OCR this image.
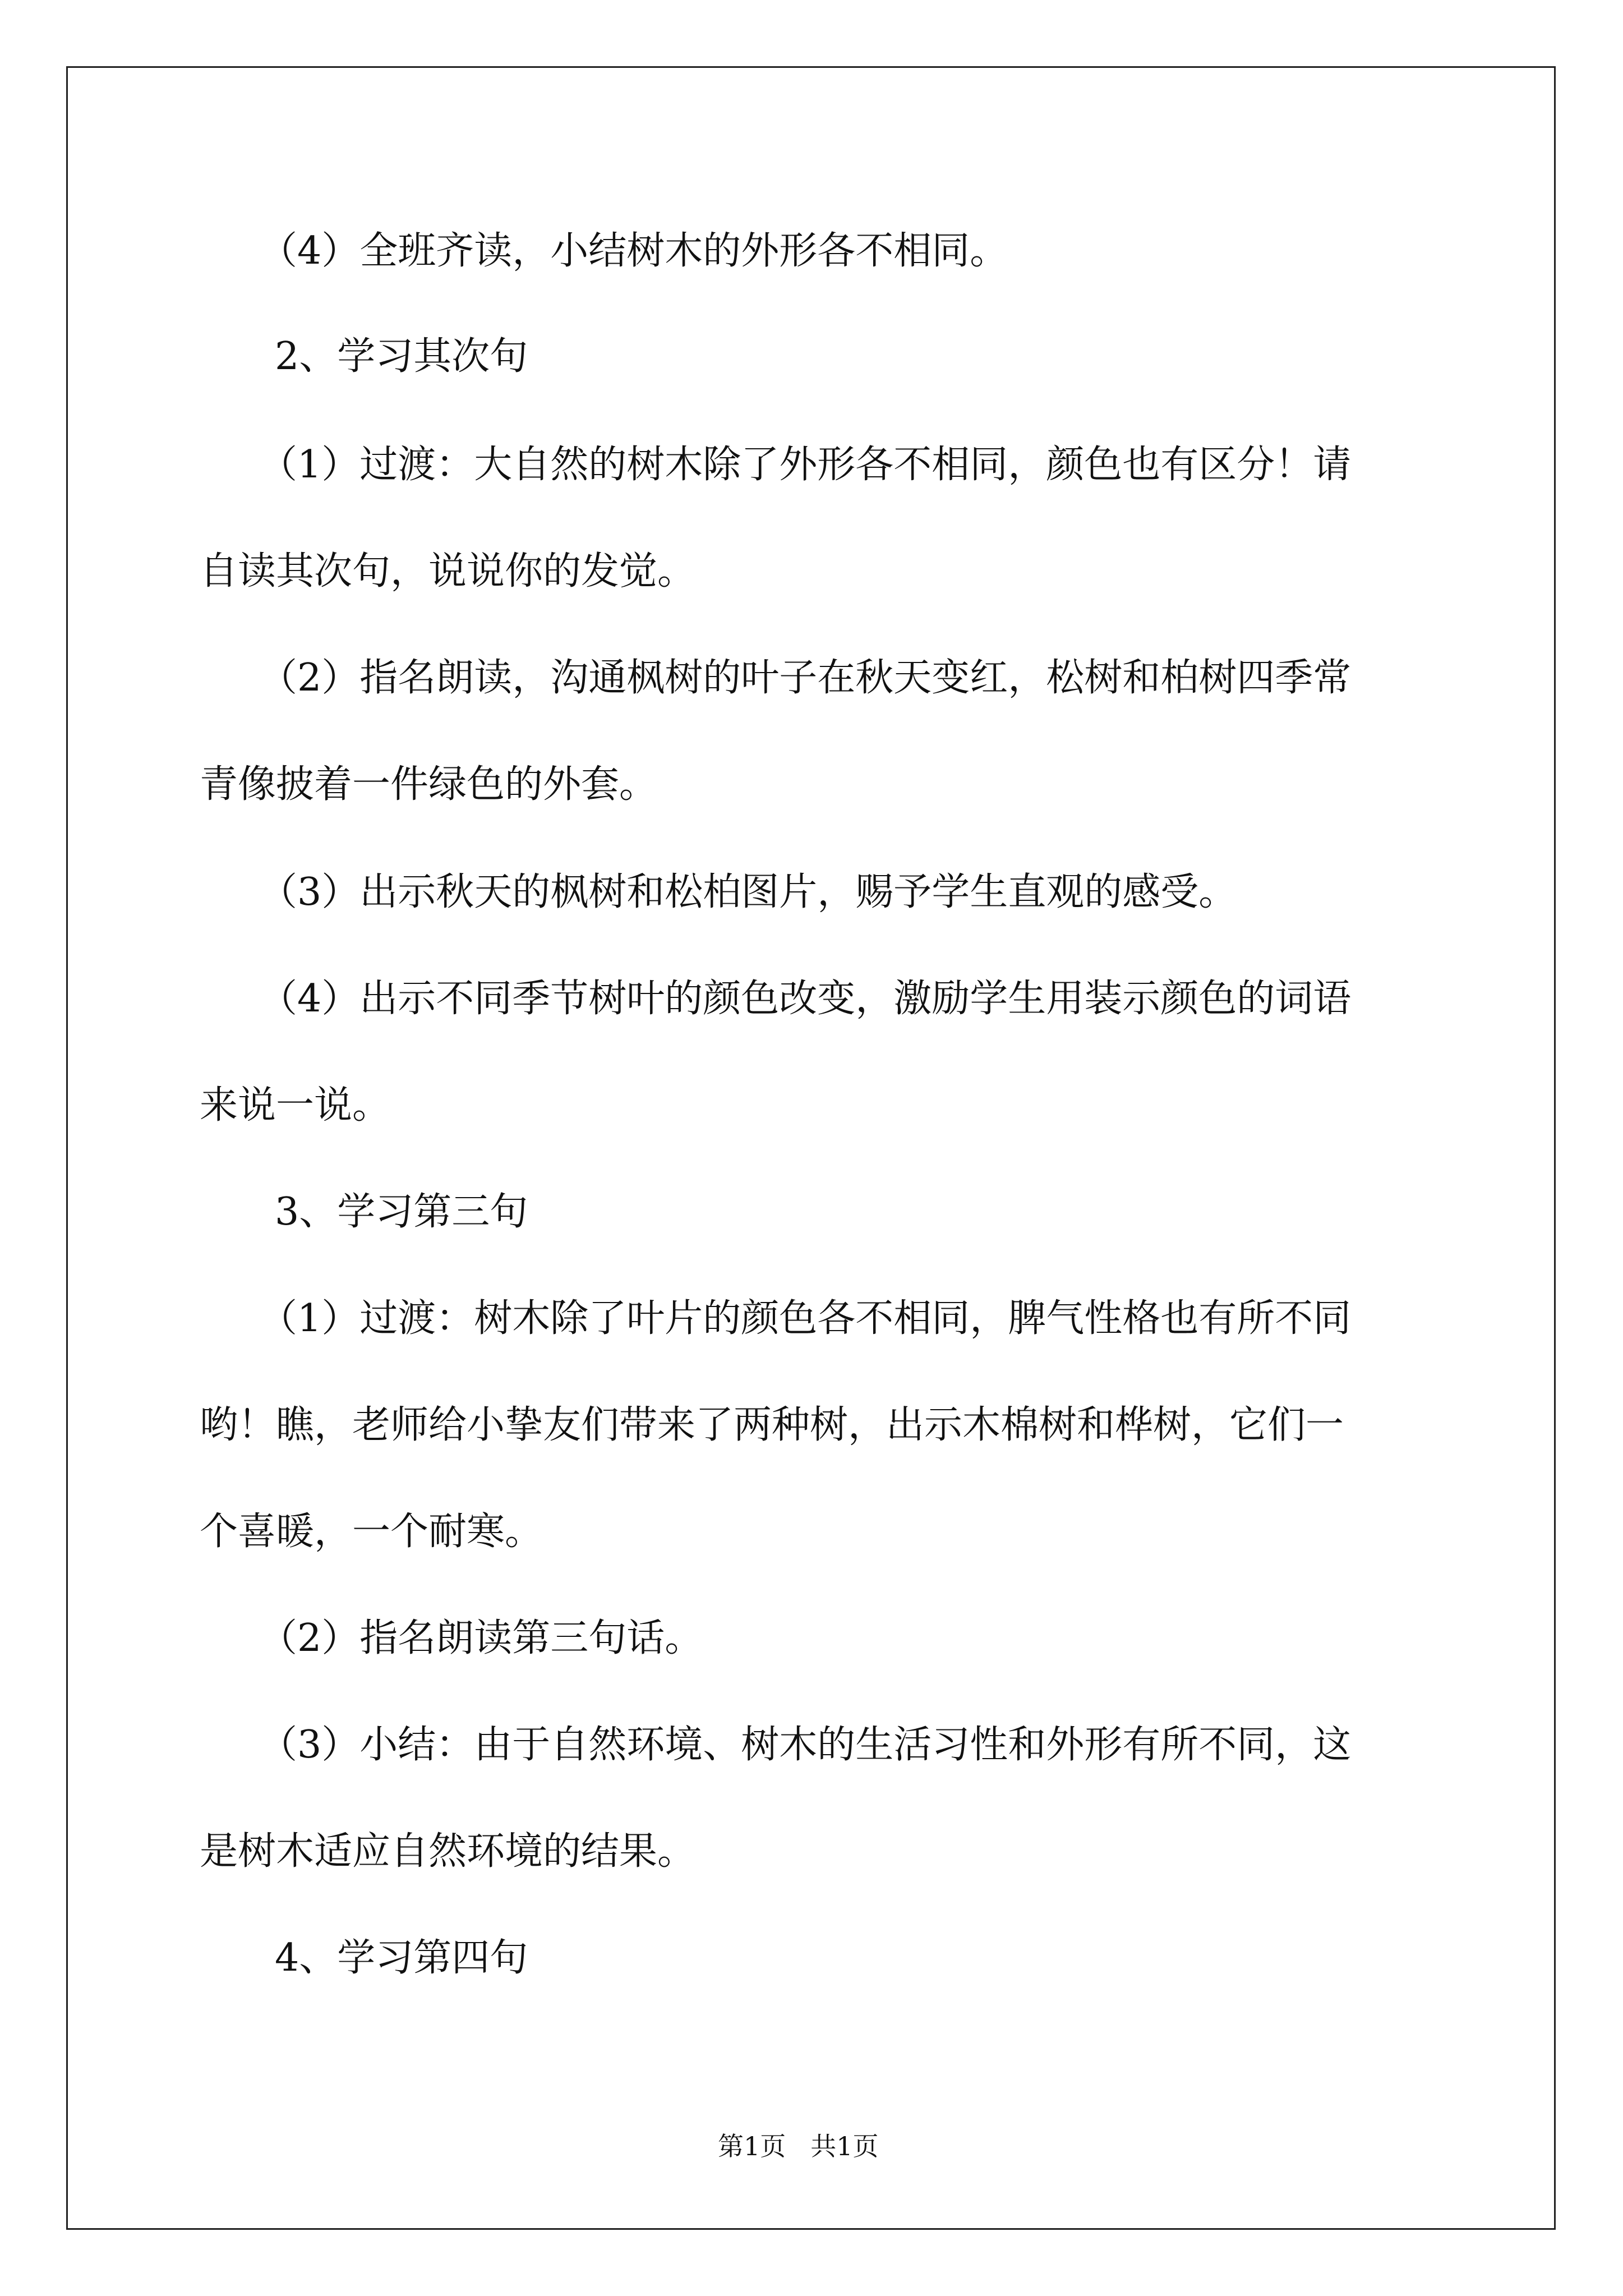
（4）全班齐读，小结树木的外形各不相同。

2、学习其次句

（1）过渡：大自然的树木除了外形各不相同，颜色也有区分！请

自读其次句，说说你的发觉。

（2）指名朗读，沟通枫树的叶子在秋天变红，松树和柏树四季常

青像披着一件绿色的外套。

（3）出示秋天的枫树和松柏图片，赐予学生直观的感受。

（4）出示不同季节树叶的颜色改变，激励学生用装示颜色的词语

来说一说。

3、学习第三句

（1）过渡：树木除了叶片的颜色各不相同，脾气性格也有所不同

哟！瞧，老师给小挚友们带来了两种树，出示木棉树和桦树，它们一

个喜暖，一个耐寒。

（2）指名朗读第三句话。

（3）小结：由于自然环境、树木的生活习性和外形有所不同，这

是树木适应自然环境的结果。

4、学习第四句

第1页 共1页
